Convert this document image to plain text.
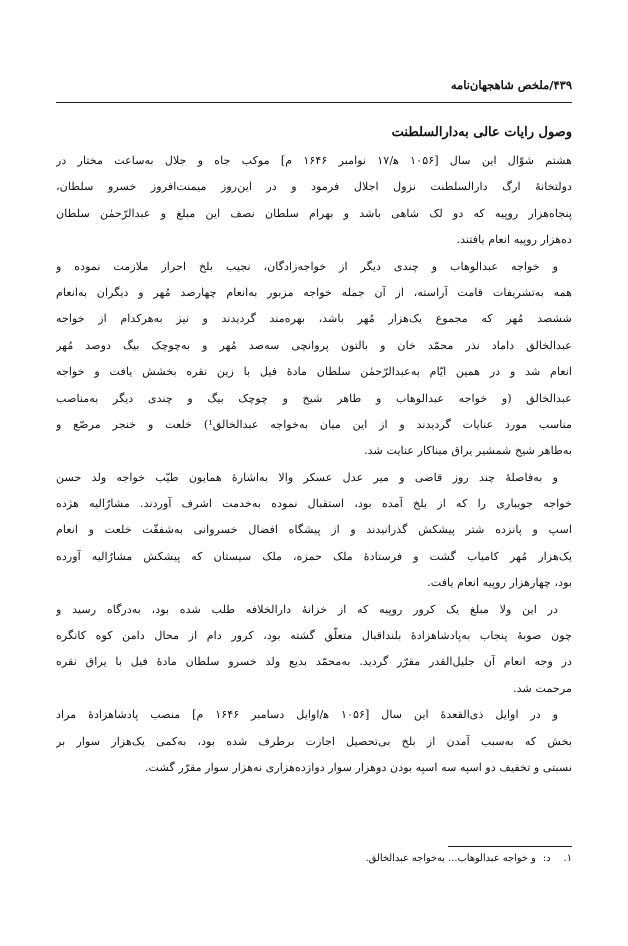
۴۳۹/ملخص شاهجهان‌نامه
وصول رایات عالی به‌دارالسلطنت
هشتم شوّال این سال [۱۰۵۶ ه‍/۱۷ نوامبر ۱۶۴۶ م] موکب جاه و جلال به‌ساعت مختار در
دولتخانهٔ ارگ دارالسلطنت نزول اجلال فرمود و در این‌روز میمنت‌افروز خسرو سلطان،
پنجاه‌هزار روپیه که دو لک شاهی باشد و بهرام سلطان نصف این مبلغ و عبدالرّحمٰن سلطان
ده‌هزار روپیه انعام یافتند.
و خواجه عبدالوهاب و چندی دیگر از خواجه‌زادگان، نجیب بلخ احراز ملازمت نموده و
همه به‌تشریفات قامت آراسته، از آن جمله خواجه مزبور به‌انعام چهارصد مُهر و دیگران به‌انعام
ششصد مُهر که مجموع یک‌هزار مُهر باشد، بهره‌مند گردیدند و نیز به‌هرکدام از خواجه
عبدالخالق داماد نذر محمّد خان و بالتون پروانچی سه‌صد مُهر و به‌چوچک بیگ دوصد مُهر
انعام شد و در همین ایّام به‌عبدالرّحمٰن سلطان مادهٔ فیل با زین نقره بخشش یافت و خواجه
عبدالخالق (و خواجه عبدالوهاب و طاهر شیخ و چوچک بیگ و چندی دیگر به‌مناصب
مناسب مورد عنایات گردیدند و از این میان به‌خواجه عبدالخالق¹) خلعت و خنجر مرصّع و
به‌طاهر شیخ شمشیر یراق میناکار عنایت شد.
و به‌فاصلهٔ چند روز قاضی و میر عدل عسکر والا به‌اشارهٔ همایون طیّب خواجه ولد حسن
خواجه جویباری را که از بلخ آمده بود، استقبال نموده به‌خدمت اشرف آوردند. مشارٌالیه هژده
اسپ و پانزده شتر پیشکش گذرانیدند و از پیشگاه افضال خسروانی به‌شفقّت خلعت و انعام
یک‌هزار مُهر کامیاب گشت و فرستادهٔ ملک حمزه، ملک سیستان که پیشکش مشارٌالیه آورده
بود، چهارهزار روپیه انعام یافت.
در این ولا مبلغ یک کرور روپیه که از خزانهٔ دارالخلافه طلب شده بود، به‌درگاه رسید و
چون صوبهٔ پنجاب به‌پادشاهزادهٔ بلنداقبال متعلّق گشته بود، کرور دام از محال دامن کوه کانگره
در وجه انعام آن جلیل‌القدر مقرّر گردید. به‌محمّد بدیع ولد خسرو سلطان مادهٔ فیل با یراق نقره
مرحمت شد.
و در اوایل ذی‌القعدهٔ این سال [۱۰۵۶ ه‍/اوایل دسامبر ۱۶۴۶ م] منصب پادشاهزادهٔ مراد
بخش که به‌سبب آمدن از بلخ بی‌تحصیل اجازت برطرف شده بود، به‌کمی یک‌هزار سوار بر
نسبتی و تخفیف دو اسپه سه اسپه بودن دوهزار سوار دوازده‌هزاری نه‌هزار سوار مقرّر گشت.
۱. د: و خواجه عبدالوهاب... به‌خواجه عبدالخالق.
